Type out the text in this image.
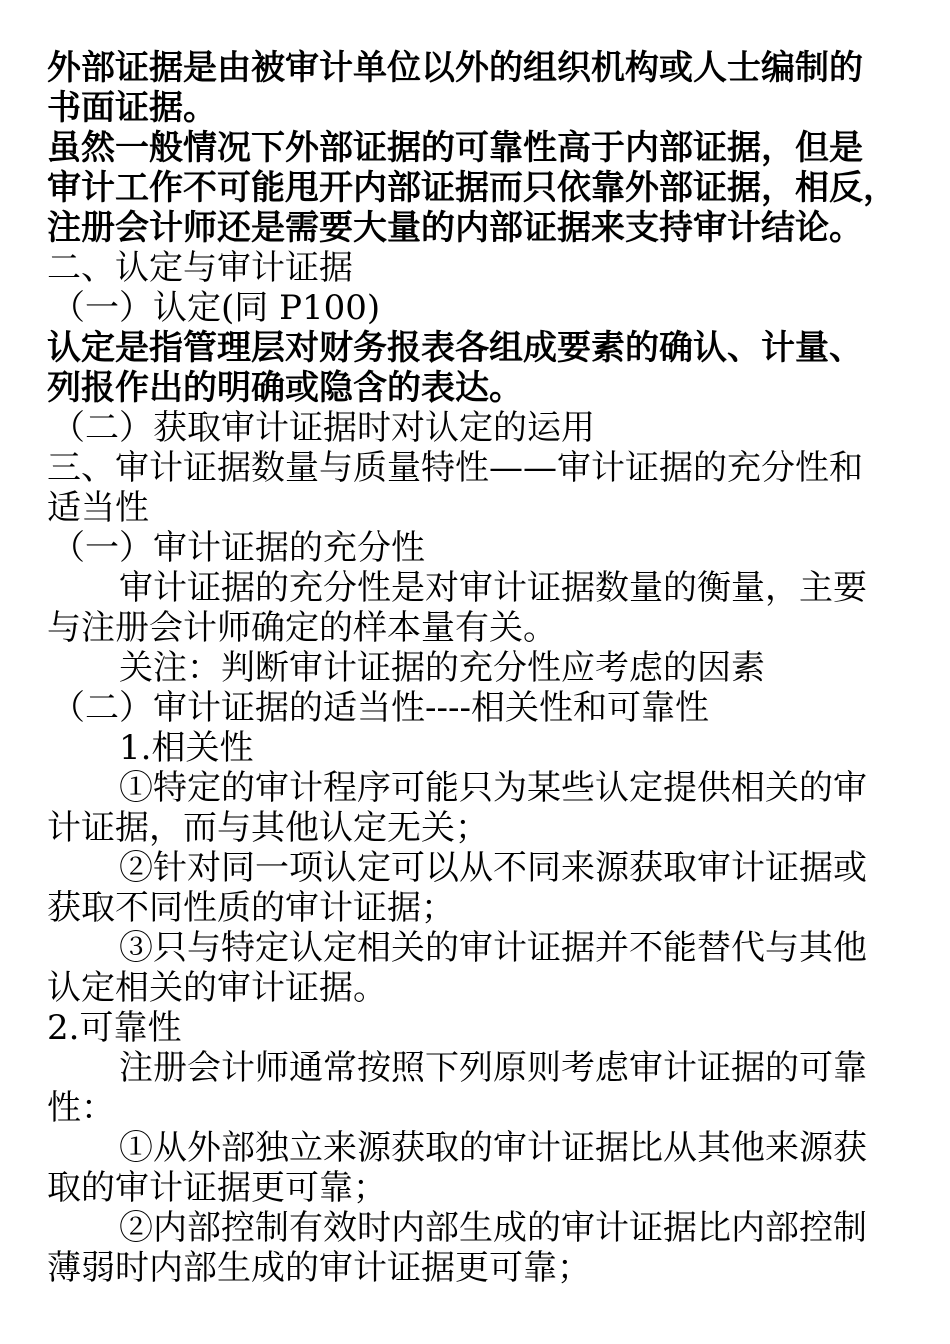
外部证据是由被审计单位以外的组织机构或人士编制的
书面证据。
虽然一般情况下外部证据的可靠性高于内部证据，但是
审计工作不可能甩开内部证据而只依靠外部证据，相反，
注册会计师还是需要大量的内部证据来支持审计结论。
二、认定与审计证据
（一）认定(同 P100)
认定是指管理层对财务报表各组成要素的确认、计量、
列报作出的明确或隐含的表达。
（二）获取审计证据时对认定的运用
三、审计证据数量与质量特性——审计证据的充分性和
适当性
（一）审计证据的充分性
审计证据的充分性是对审计证据数量的衡量，主要
与注册会计师确定的样本量有关。
关注：判断审计证据的充分性应考虑的因素
（二）审计证据的适当性----相关性和可靠性
1.相关性
①特定的审计程序可能只为某些认定提供相关的审
计证据，而与其他认定无关；
②针对同一项认定可以从不同来源获取审计证据或
获取不同性质的审计证据；
③只与特定认定相关的审计证据并不能替代与其他
认定相关的审计证据。
2.可靠性
注册会计师通常按照下列原则考虑审计证据的可靠
性：
①从外部独立来源获取的审计证据比从其他来源获
取的审计证据更可靠；
②内部控制有效时内部生成的审计证据比内部控制
薄弱时内部生成的审计证据更可靠；
